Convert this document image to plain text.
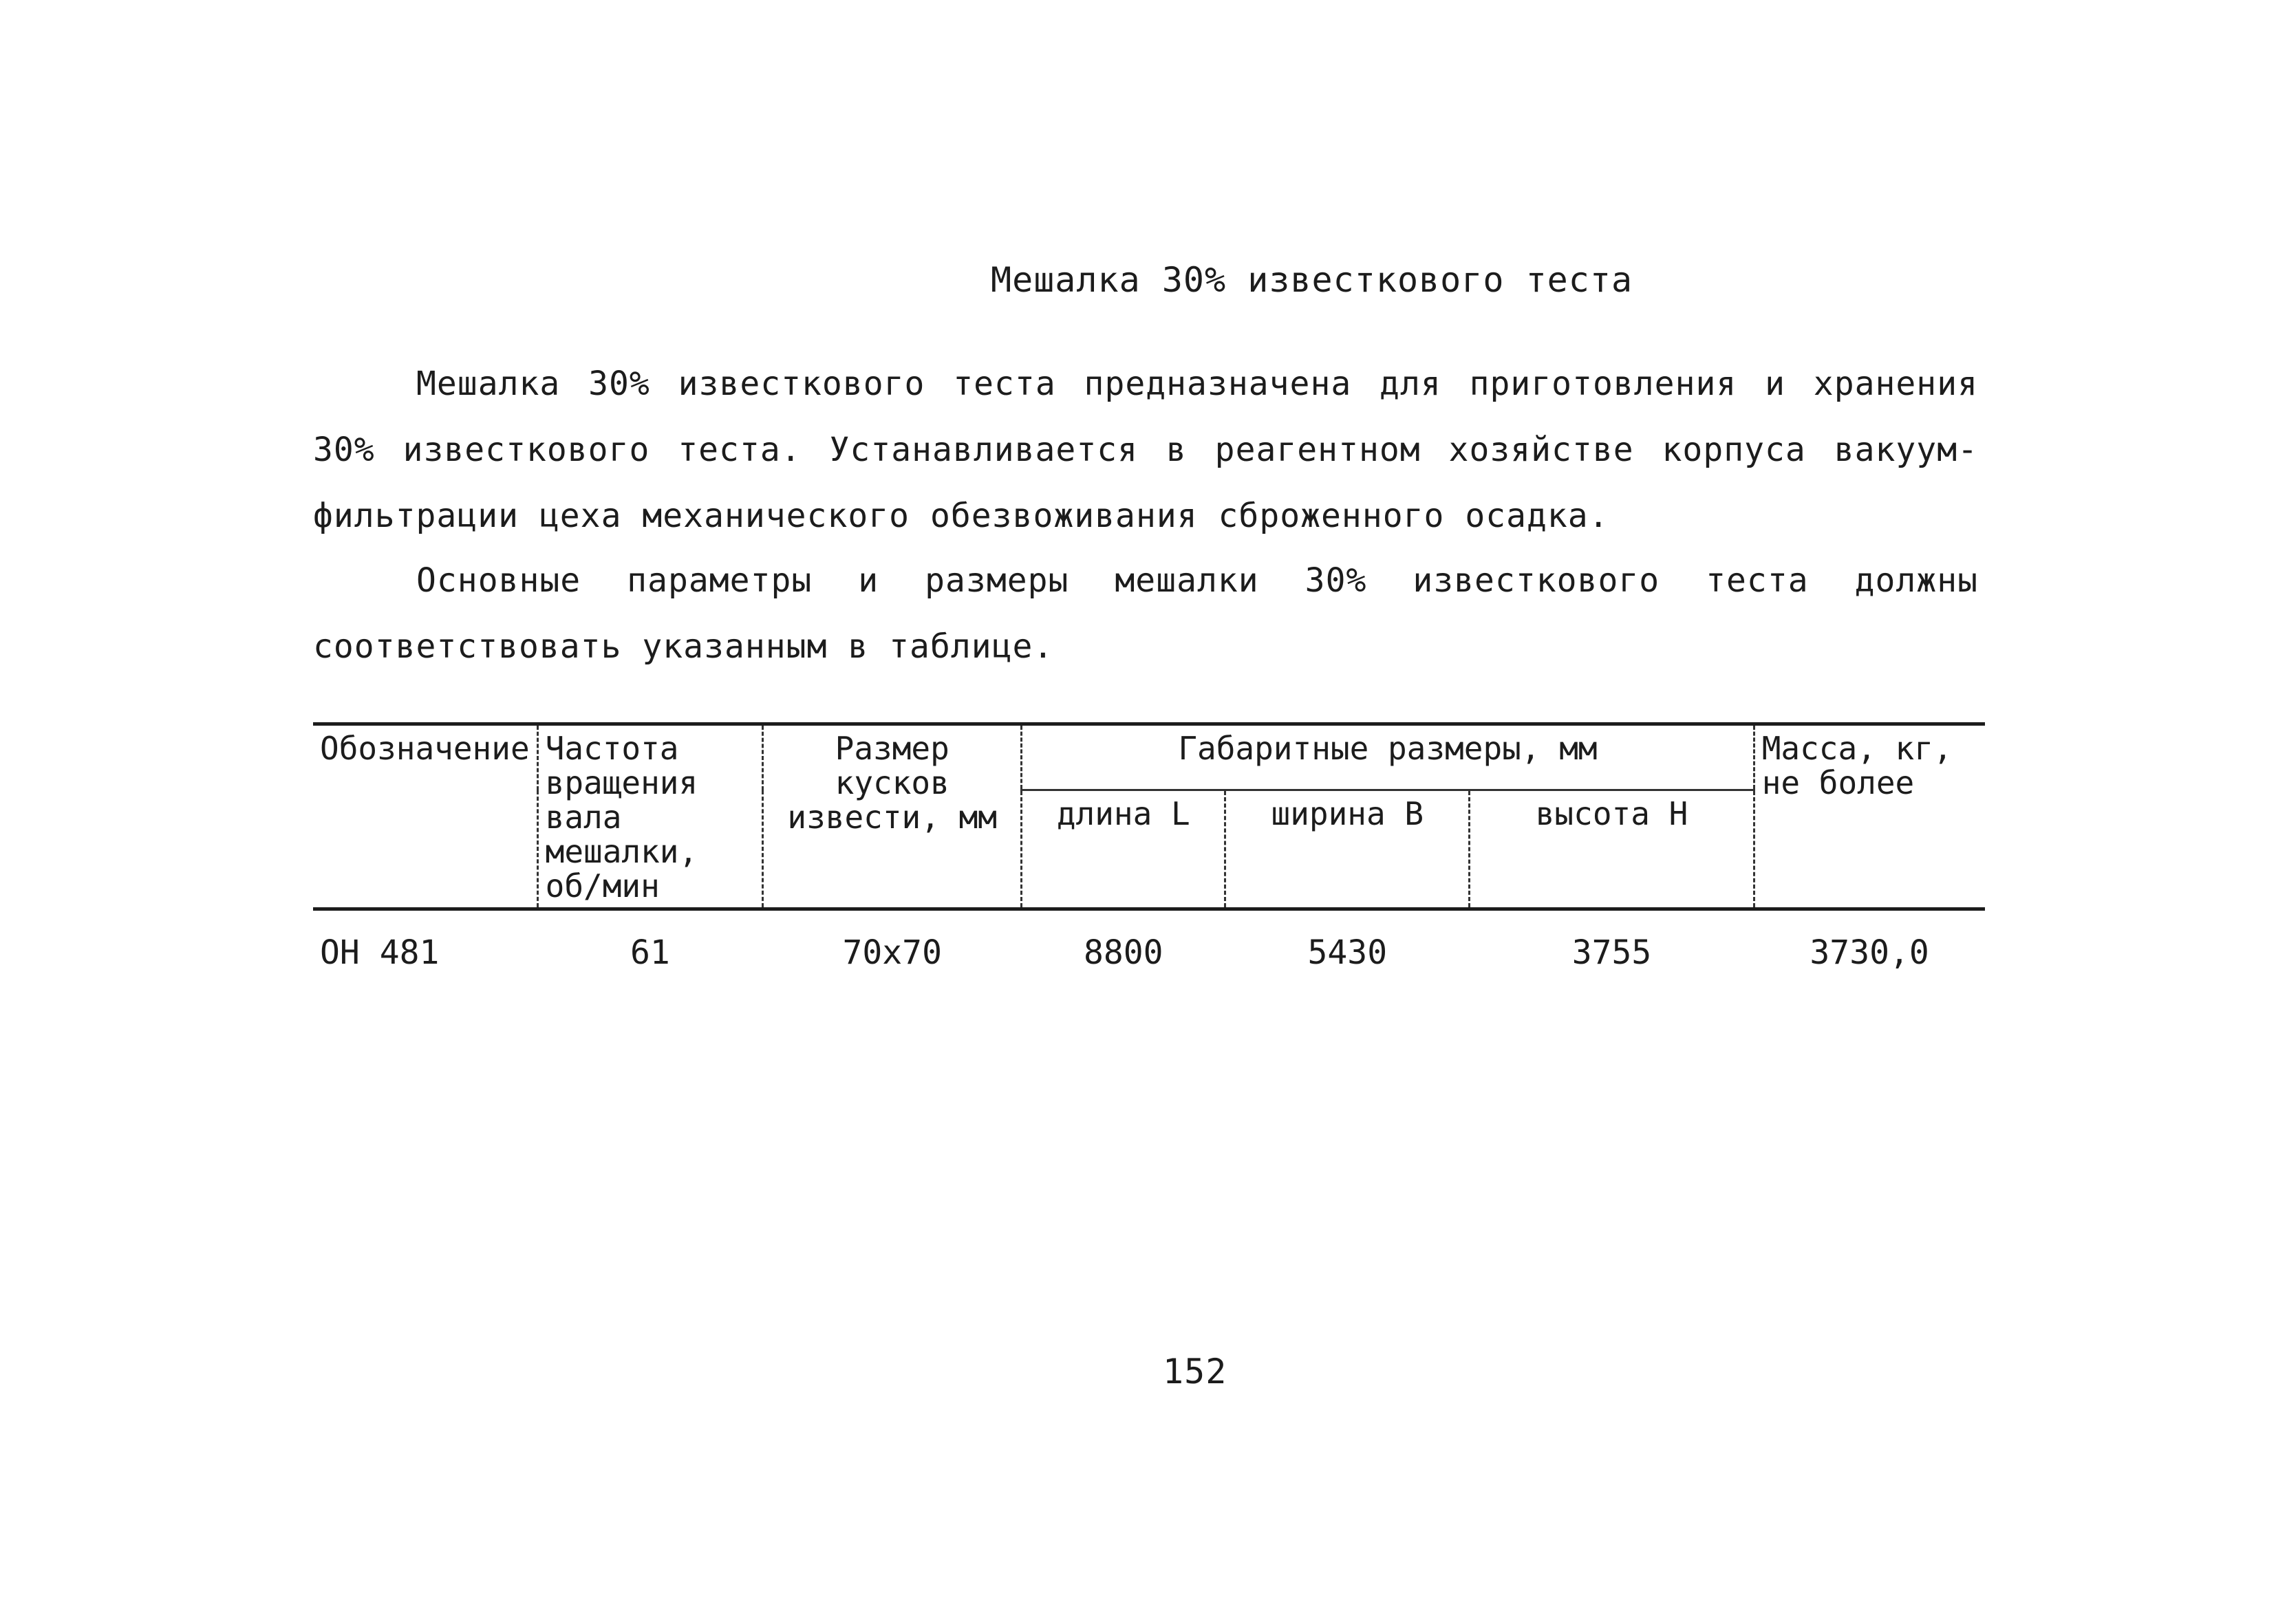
Мешалка 30% известкового теста

Мешалка 30% известкового теста предназначена для приготовления и хранения 30% известкового теста. Устанавливается в реагентном хозяйстве корпуса вакуум-фильтрации цеха механического обезвоживания сброженного осадка.

Основные параметры и размеры мешалки 30% известкового теста должны соответствовать указанным в таблице.

Обозначение	Частота вращения вала мешалки, об/мин	Размер кусков извести, мм	Габаритные размеры, мм			Масса, кг, не более
			длина L	ширина В	высота Н	
ОН 481	61	70х70	8800	5430	3755	3730,0
152
